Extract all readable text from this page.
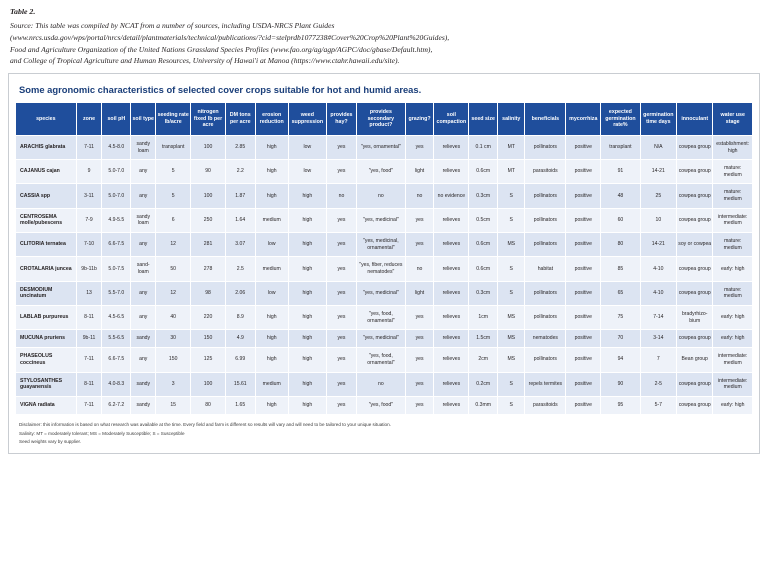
Table 2.
Source: This table was compiled by NCAT from a number of sources, including USDA-NRCS Plant Guides
(www.nrcs.usda.gov/wps/portal/nrcs/detail/plantmaterials/technical/publications/?cid=stelprdb1077238#Cover%20Crop%20Plant%20Guides),
Food and Agriculture Organization of the United Nations Grassland Species Profiles (www.fao.org/ag/agp/AGPC/doc/gbase/Default.htm),
and College of Tropical Agriculture and Human Resources, University of Hawai'i at Manoa (https://www.ctahr.hawaii.edu/site).
Some agronomic characteristics of selected cover crops suitable for hot and humid areas.
species	zone	soil pH	soil type	seeding rate lb/acre	nitrogen fixed lb per acre	DM tons per acre	erosion reduction	weed suppression	provides hay?	provides secondary product?	grazing?	soil compaction	seed size	salinity	beneficials	mycorrhiza	expected germination rate%	germination time days	innoculant	water use stage
ARACHIS glabrata	7-11	4.5-8.0	sandy loam	transplant	100	2.85	high	low	yes	"yes, ornamental"	yes	relieves	0.1 cm	MT	pollinators	positive	transplant	N/A	cowpea group	establishment: high
CAJANUS cajan	9	5.0-7.0	any	5	90	2.2	high	low	yes	"yes, food"	light	relieves	0.6cm	MT	parasitoids	positive	91	14-21	cowpea group	mature: medium
CASSIA spp	3-11	5.0-7.0	any	5	100	1.87	high	high	no	no	no	no evidence	0.3cm	S	pollinators	positive	48	25	cowpea group	mature: medium
CENTROSEMA molle/pubescens	7-9	4.9-5.5	sandy loam	6	250	1.64	medium	high	yes	"yes, medicinal"	yes	relieves	0.5cm	S	pollinators	positive	60	10	cowpea group	intermediate: medium
CLITORIA ternatea	7-10	6.6-7.5	any	12	281	3.07	low	high	yes	"yes, medicinal, ornamental"	yes	relieves	0.6cm	MS	pollinators	positive	80	14-21	soy or cowpea	mature: medium
CROTALARIA juncea	9b-11b	5.0-7.5	sand-loam	50	278	2.5	medium	high	yes	"yes, fiber, reduces nematodes"	no	relieves	0.6cm	S	habitat	positive	85	4-10	cowpea group	early: high
DESMODIUM uncinatum	13	5.5-7.0	any	12	98	2.06	low	high	yes	"yes, medicinal"	light	relieves	0.3cm	S	pollinators	positive	65	4-10	cowpea group	mature: medium
LABLAB purpureus	8-11	4.5-6.5	any	40	220	8.9	high	high	yes	"yes, food, ornamental"	yes	relieves	1cm	MS	pollinators	positive	75	7-14	bradyrhizo-bium	early: high
MUCUNA pruriens	9b-11	5.5-6.5	sandy	30	150	4.9	high	high	yes	"yes, medicinal"	yes	relieves	1.5cm	MS	nematodes	positive	70	3-14	cowpea group	early: high
PHASEOLUS coccineus	7-11	6.6-7.5	any	150	125	6.99	high	high	yes	"yes, food, ornamental"	yes	relieves	2cm	MS	pollinators	positive	94	7	Bean group	intermediate: medium
STYLOSANTHES guayanensis	8-11	4.0-8.3	sandy	3	100	15.61	medium	high	yes	no	yes	relieves	0.2cm	S	repels termites	positive	90	2-5	cowpea group	intermediate: medium
VIGNA radiata	7-11	6.2-7.2	sandy	15	80	1.65	high	high	yes	"yes, food"	yes	relieves	0.3mm	S	parasitoids	positive	95	5-7	cowpea group	early: high
Disclaimer: this information is based on what research was available at the time. Every field and farm is different so results will vary and will need to be tailored to your unique situation.
Salinity: MT = moderately tolerant; MS = Moderately Susceptible; S = Susceptible
Seed weights vary by supplier.
